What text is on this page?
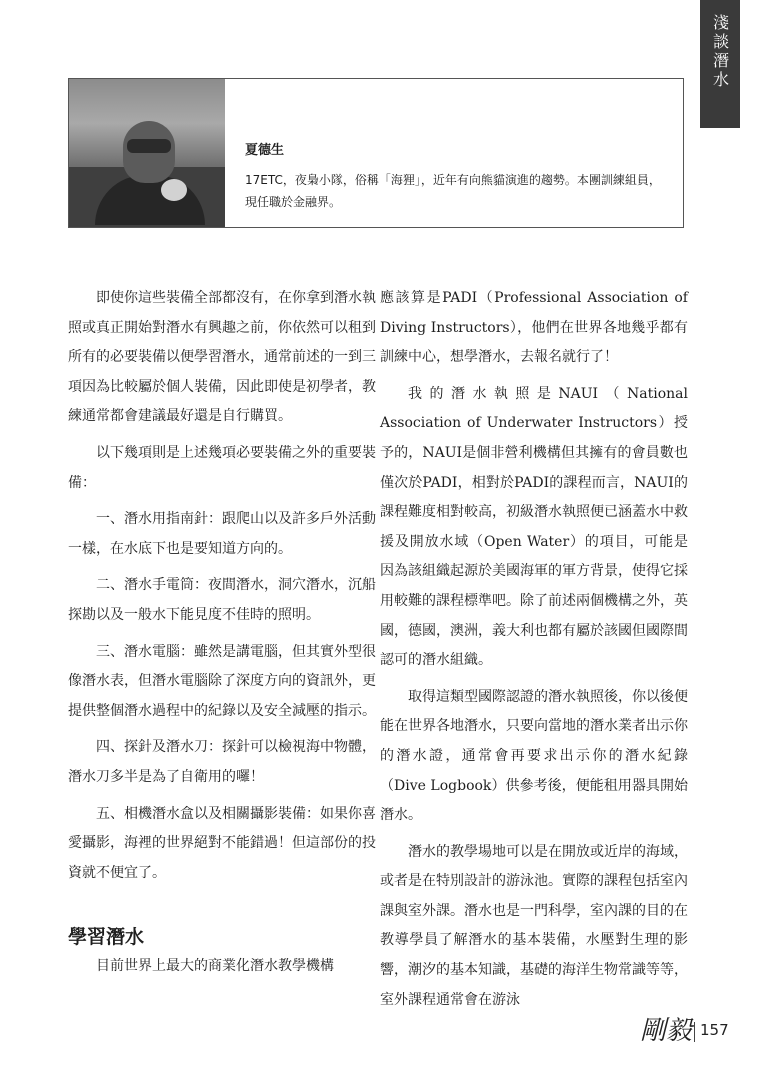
淺談潛水
夏德生
17ETC，夜梟小隊，俗稱「海狸」，近年有向熊貓演進的趨勢。本團訓練組員，現任職於金融界。

即使你這些裝備全部都沒有，在你拿到潛水執照或真正開始對潛水有興趣之前，你依然可以租到所有的必要裝備以便學習潛水，通常前述的一到三項因為比較屬於個人裝備，因此即使是初學者，教練通常都會建議最好還是自行購買。

以下幾項則是上述幾項必要裝備之外的重要裝備：

一、潛水用指南針：跟爬山以及許多戶外活動一樣，在水底下也是要知道方向的。

二、潛水手電筒：夜間潛水，洞穴潛水，沉船探勘以及一般水下能見度不佳時的照明。

三、潛水電腦：雖然是講電腦，但其實外型很像潛水表，但潛水電腦除了深度方向的資訊外，更提供整個潛水過程中的紀錄以及安全減壓的指示。

四、探針及潛水刀：探針可以檢視海中物體，潛水刀多半是為了自衛用的囉！

五、相機潛水盒以及相關攝影裝備：如果你喜愛攝影，海裡的世界絕對不能錯過！但這部份的投資就不便宜了。

學習潛水

目前世界上最大的商業化潛水教學機構

應該算是PADI（Professional Association of Diving Instructors），他們在世界各地幾乎都有訓練中心，想學潛水，去報名就行了！

我的潛水執照是NAUI（National Association of Underwater Instructors）授予的，NAUI是個非營利機構但其擁有的會員數也僅次於PADI，相對於PADI的課程而言，NAUI的課程難度相對較高，初級潛水執照便已涵蓋水中救援及開放水域（Open Water）的項目，可能是因為該組織起源於美國海軍的軍方背景，使得它採用較難的課程標準吧。除了前述兩個機構之外，英國，德國，澳洲，義大利也都有屬於該國但國際間認可的潛水組織。

取得這類型國際認證的潛水執照後，你以後便能在世界各地潛水，只要向當地的潛水業者出示你的潛水證，通常會再要求出示你的潛水紀錄（Dive Logbook）供參考後，便能租用器具開始潛水。

潛水的教學場地可以是在開放或近岸的海域，或者是在特別設計的游泳池。實際的課程包括室內課與室外課。潛水也是一門科學，室內課的目的在教導學員了解潛水的基本裝備，水壓對生理的影響，潮汐的基本知識，基礎的海洋生物常識等等，室外課程通常會在游泳

剛毅 157
